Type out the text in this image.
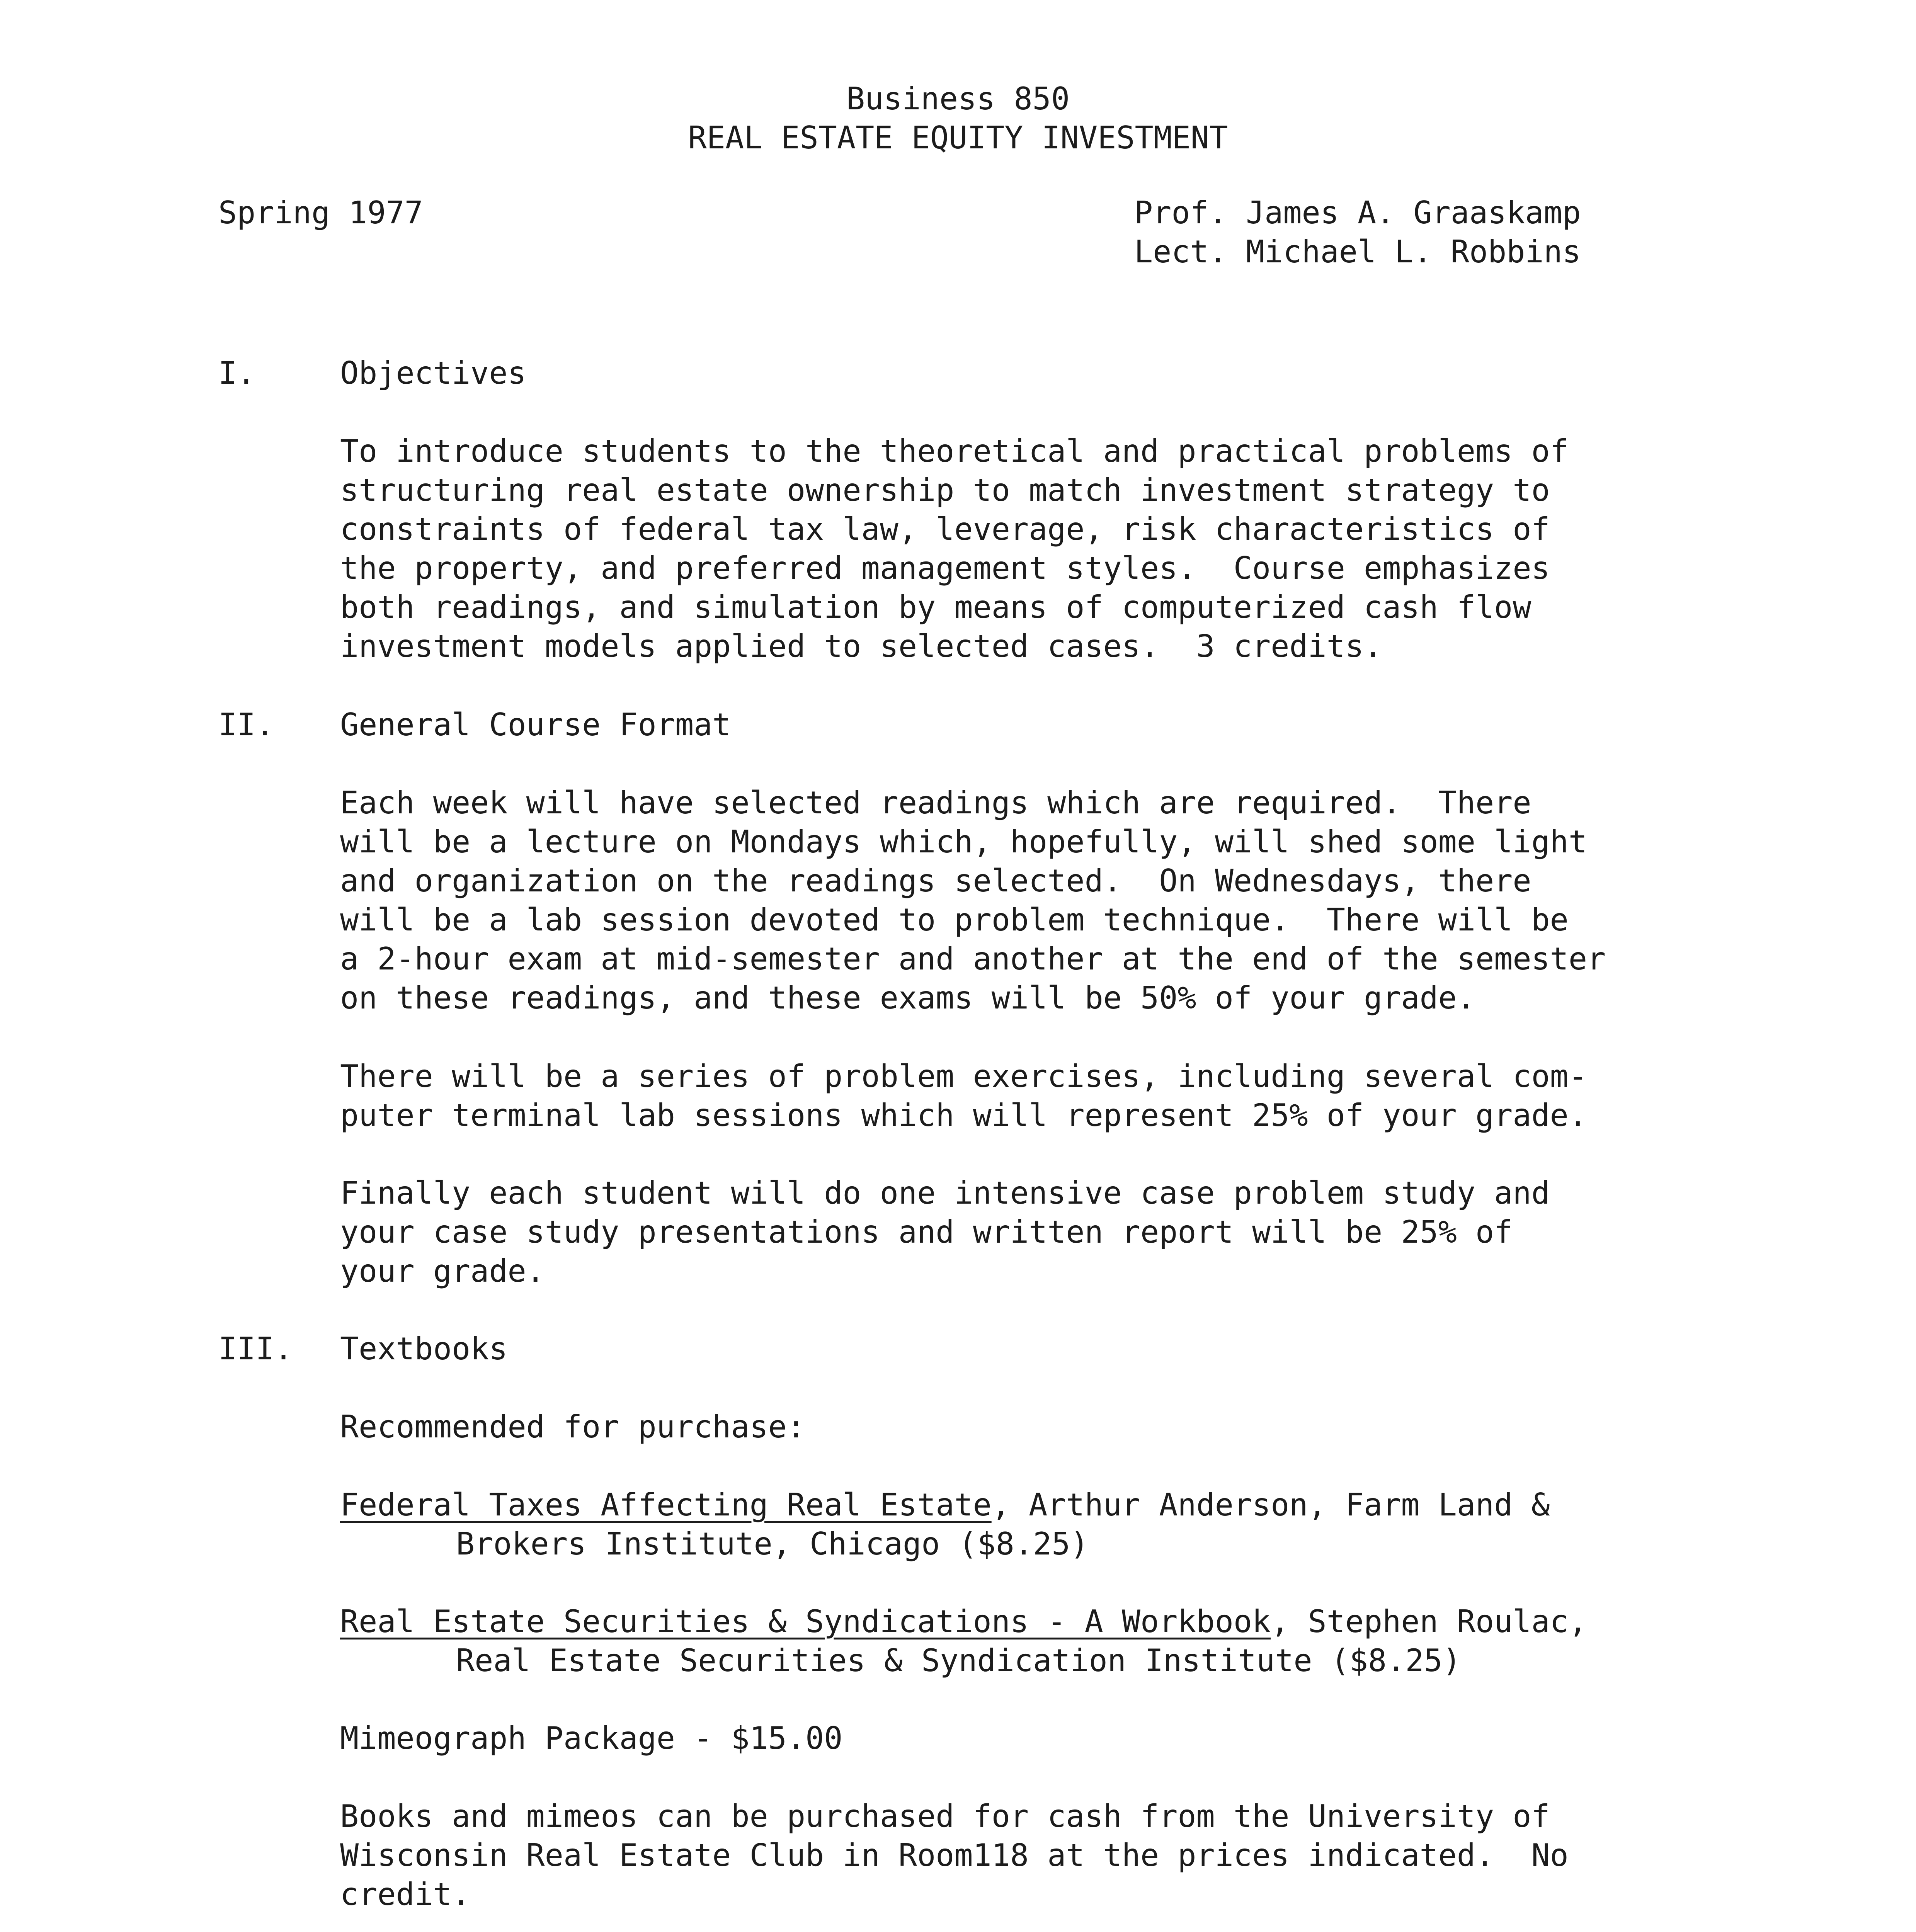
Business 850
REAL ESTATE EQUITY INVESTMENT
Spring 1977	Prof. James A. Graaskamp
Lect. Michael L. Robbins
I.	Objectives
To introduce students to the theoretical and practical problems of
structuring real estate ownership to match investment strategy to
constraints of federal tax law, leverage, risk characteristics of
the property, and preferred management styles.  Course emphasizes
both readings, and simulation by means of computerized cash flow
investment models applied to selected cases.  3 credits.
II. General Course Format
Each week will have selected readings which are required.  There
will be a lecture on Mondays which, hopefully, will shed some light
and organization on the readings selected.  On Wednesdays, there
will be a lab session devoted to problem technique.  There will be
a 2-hour exam at mid-semester and another at the end of the semester
on these readings, and these exams will be 50% of your grade.
There will be a series of problem exercises, including several com-
puter terminal lab sessions which will represent 25% of your grade.
Finally each student will do one intensive case problem study and
your case study presentations and written report will be 25% of
your grade.
III. Textbooks
Recommended for purchase:
Federal Taxes Affecting Real Estate, Arthur Anderson, Farm Land &
Brokers Institute, Chicago ($8.25)
Real Estate Securities & Syndications - A Workbook, Stephen Roulac,
Real Estate Securities & Syndication Institute ($8.25)
Mimeograph Package - $15.00
Books and mimeos can be purchased for cash from the University of
Wisconsin Real Estate Club in Room118 at the prices indicated.  No
credit.
